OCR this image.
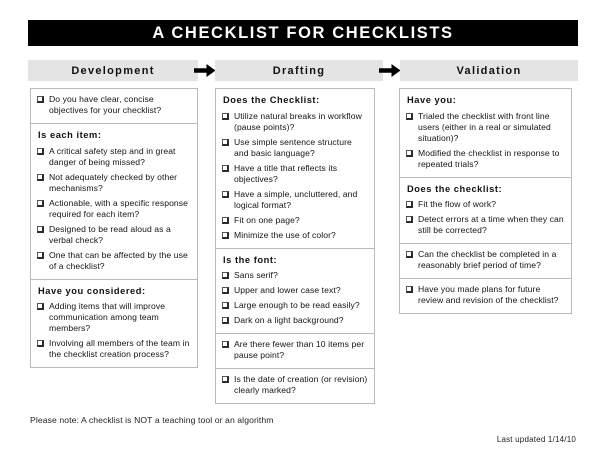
A CHECKLIST FOR CHECKLISTS
Development	Drafting	Validation
Do you have clear, concise objectives for your checklist?
Is each item:
A critical safety step and in great danger of being missed?
Not adequately checked by other mechanisms?
Actionable, with a specific response required for each item?
Designed to be read aloud as a verbal check?
One that can be affected by the use of a checklist?
Have you considered:
Adding items that will improve communication among team members?
Involving all members of the team in the checklist creation process?
Does the Checklist:
Utilize natural breaks in workflow (pause points)?
Use simple sentence structure and basic language?
Have a title that reflects its objectives?
Have a simple, uncluttered, and logical format?
Fit on one page?
Minimize the use of color?
Is the font:
Sans serif?
Upper and lower case text?
Large enough to be read easily?
Dark on a light background?
Are there fewer than 10 items per pause point?
Is the date of creation (or revision) clearly marked?
Have you:
Trialed the checklist with front line users (either in a real or simulated situation)?
Modified the checklist in response to repeated trials?
Does the checklist:
Fit the flow of work?
Detect errors at a time when they can still be corrected?
Can the checklist be completed in a reasonably brief period of time?
Have you made plans for future review and revision of the checklist?
Please note: A checklist is NOT a teaching tool or an algorithm
Last updated 1/14/10
